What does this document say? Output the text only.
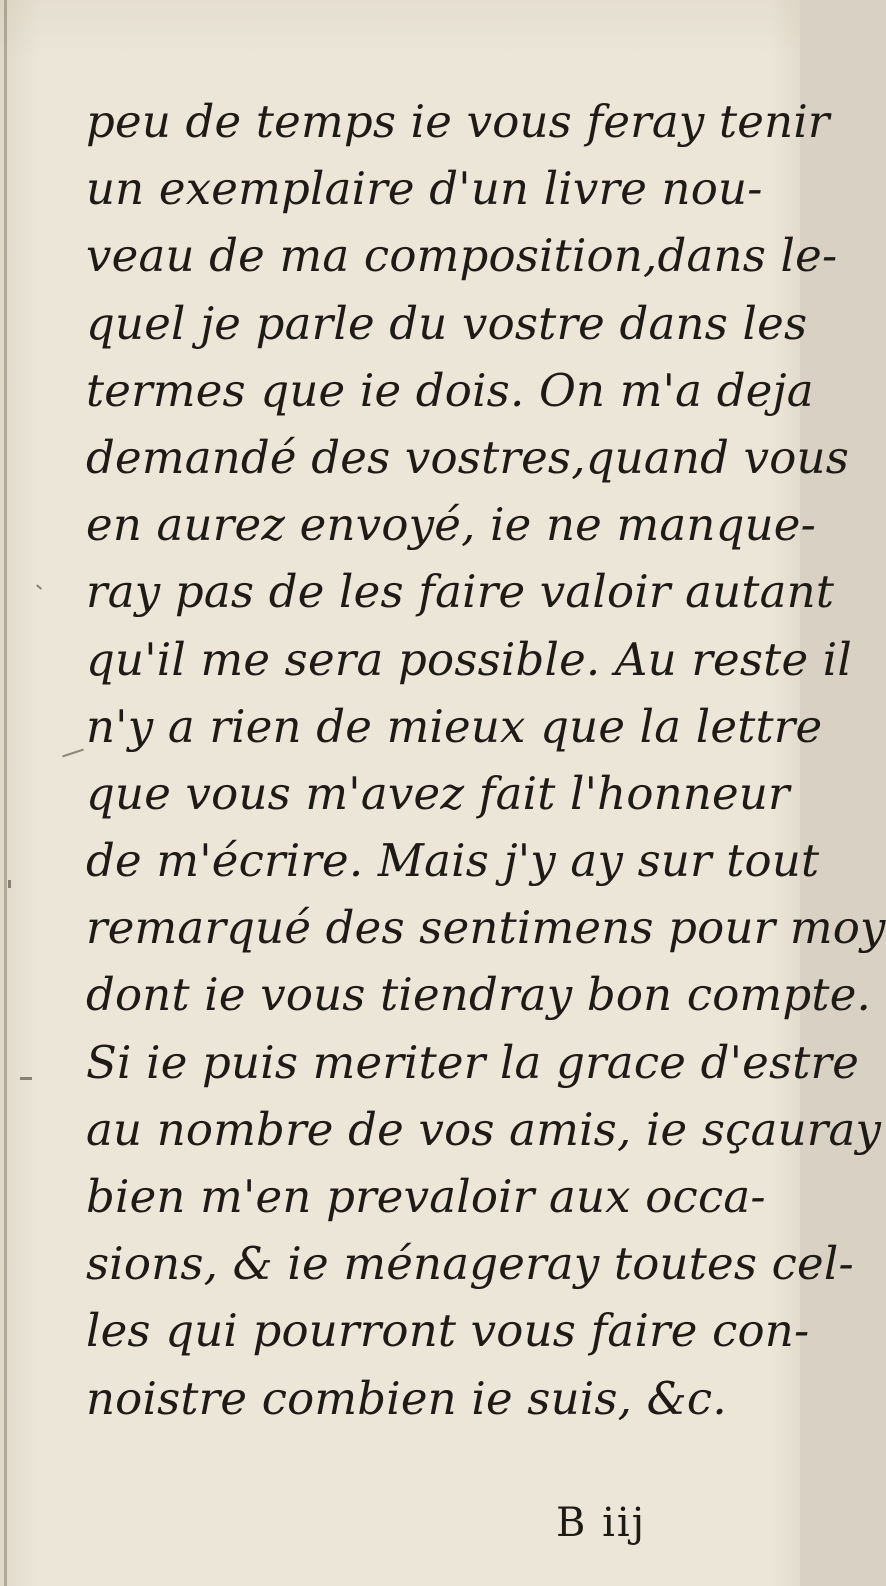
peu de temps ie vous feray tenir
un exemplaire d'un livre nou-
veau de ma composition,dans le-
quel je parle du vostre dans les
termes que ie dois. On m'a deja
demandé des vostres,quand vous
en aurez envoyé, ie ne manque-
ray pas de les faire valoir autant
qu'il me sera possible. Au reste il
n'y a rien de mieux que la lettre
que vous m'avez fait l'honneur
de m'écrire. Mais j'y ay sur tout
remarqué des sentimens pour moy
dont ie vous tiendray bon compte.
Si ie puis meriter la grace d'estre
au nombre de vos amis, ie sçauray
bien m'en prevaloir aux occa-
sions, & ie ménageray toutes cel-
les qui pourront vous faire con-
noistre combien ie suis, &c.
B iij
